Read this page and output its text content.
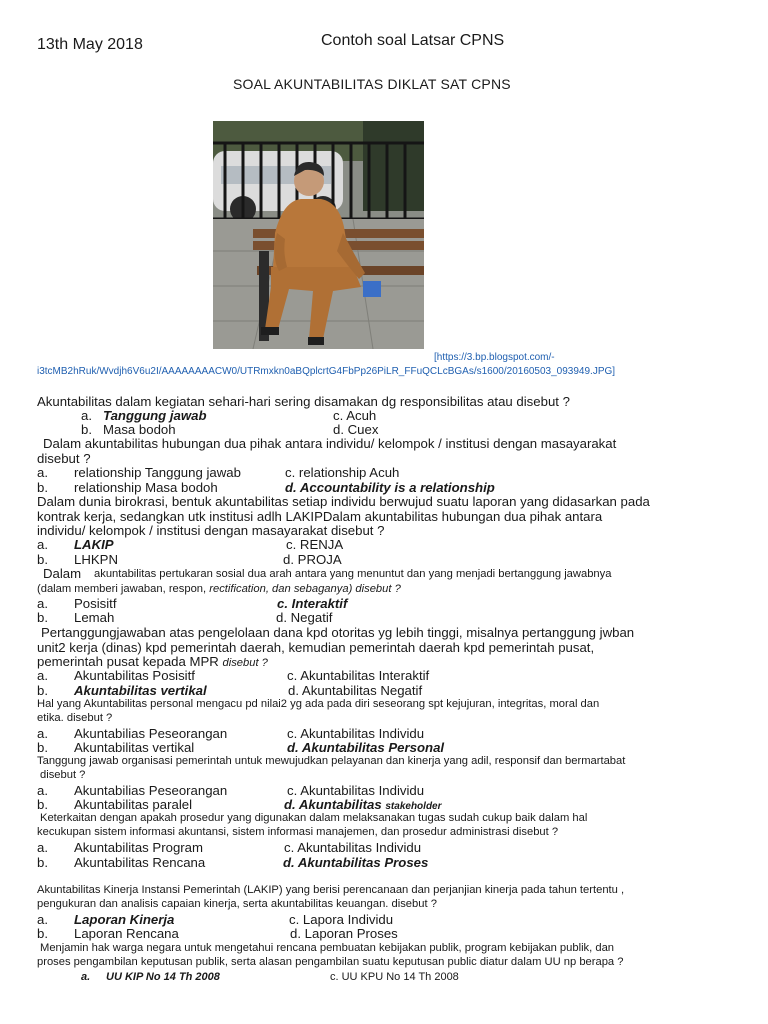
13th May 2018	Contoh soal Latsar CPNS
SOAL AKUNTABILITAS DIKLAT SAT CPNS
[https://3.bp.blogspot.com/-
i3tcMB2hRuk/Wvdjh6V6u2I/AAAAAAAACW0/UTRmxkn0aBQplcrtG4FbPp26PiLR_FFuQCLcBGAs/s1600/20160503_093949.JPG]
Akuntabilitas dalam kegiatan sehari-hari sering disamakan dg responsibilitas atau disebut ?
a. Tanggung jawab	c. Acuh
b. Masa bodoh	d. Cuex
Dalam akuntabilitas hubungan dua pihak antara individu/ kelompok / institusi dengan masayarakat
disebut ?
a. relationship Tanggung jawab	c. relationship Acuh
b. relationship Masa bodoh	d. Accountability is a relationship
Dalam dunia birokrasi, bentuk akuntabilitas setiap individu berwujud suatu laporan yang didasarkan pada
kontrak kerja, sedangkan utk institusi adlh LAKIPDalam akuntabilitas hubungan dua pihak antara
individu/ kelompok / institusi dengan masayarakat disebut ?
a. LAKIP	c. RENJA
b. LHKPN	d. PROJA
Dalam akuntabilitas pertukaran sosial dua arah antara yang menuntut dan yang menjadi bertanggung jawabnya
(dalam memberi jawaban, respon, rectification, dan sebaganya) disebut ?
a. Posisitf	c. Interaktif
b. Lemah	d. Negatif
Pertanggungjawaban atas pengelolaan dana kpd otoritas yg lebih tinggi, misalnya pertanggung jwban
unit2 kerja (dinas) kpd pemerintah daerah, kemudian pemerintah daerah kpd pemerintah pusat,
pemerintah pusat kepada MPR disebut ?
a. Akuntabilitas Posisitf	c. Akuntabilitas Interaktif
b. Akuntabilitas vertikal	d. Akuntabilitas Negatif
Hal yang Akuntabilitas personal mengacu pd nilai2 yg ada pada diri seseorang spt kejujuran, integritas, moral dan
etika. disebut ?
a. Akuntabilias Peseorangan	c. Akuntabilitas Individu
b. Akuntabilitas vertikal	d. Akuntabilitas Personal
Tanggung jawab organisasi pemerintah untuk mewujudkan pelayanan dan kinerja yang adil, responsif dan bermartabat
disebut ?
a. Akuntabilias Peseorangan	c. Akuntabilitas Individu
b. Akuntabilitas paralel	d. Akuntabilitas stakeholder
Keterkaitan dengan apakah prosedur yang digunakan dalam melaksanakan tugas sudah cukup baik dalam hal
kecukupan sistem informasi akuntansi, sistem informasi manajemen, dan prosedur administrasi disebut ?
a. Akuntabilitas Program	c. Akuntabilitas Individu
b. Akuntabilitas Rencana	d. Akuntabilitas Proses
Akuntabilitas Kinerja Instansi Pemerintah (LAKIP) yang berisi perencanaan dan perjanjian kinerja pada tahun tertentu ,
pengukuran dan analisis capaian kinerja, serta akuntabilitas keuangan. disebut ?
a. Laporan Kinerja	c. Lapora Individu
b. Laporan Rencana	d. Laporan Proses
Menjamin hak warga negara untuk mengetahui rencana pembuatan kebijakan publik, program kebijakan publik, dan
proses pengambilan keputusan publik, serta alasan pengambilan suatu keputusan public diatur dalam UU np berapa ?
a. UU KIP No 14 Th 2008	c. UU KPU No 14 Th 2008
